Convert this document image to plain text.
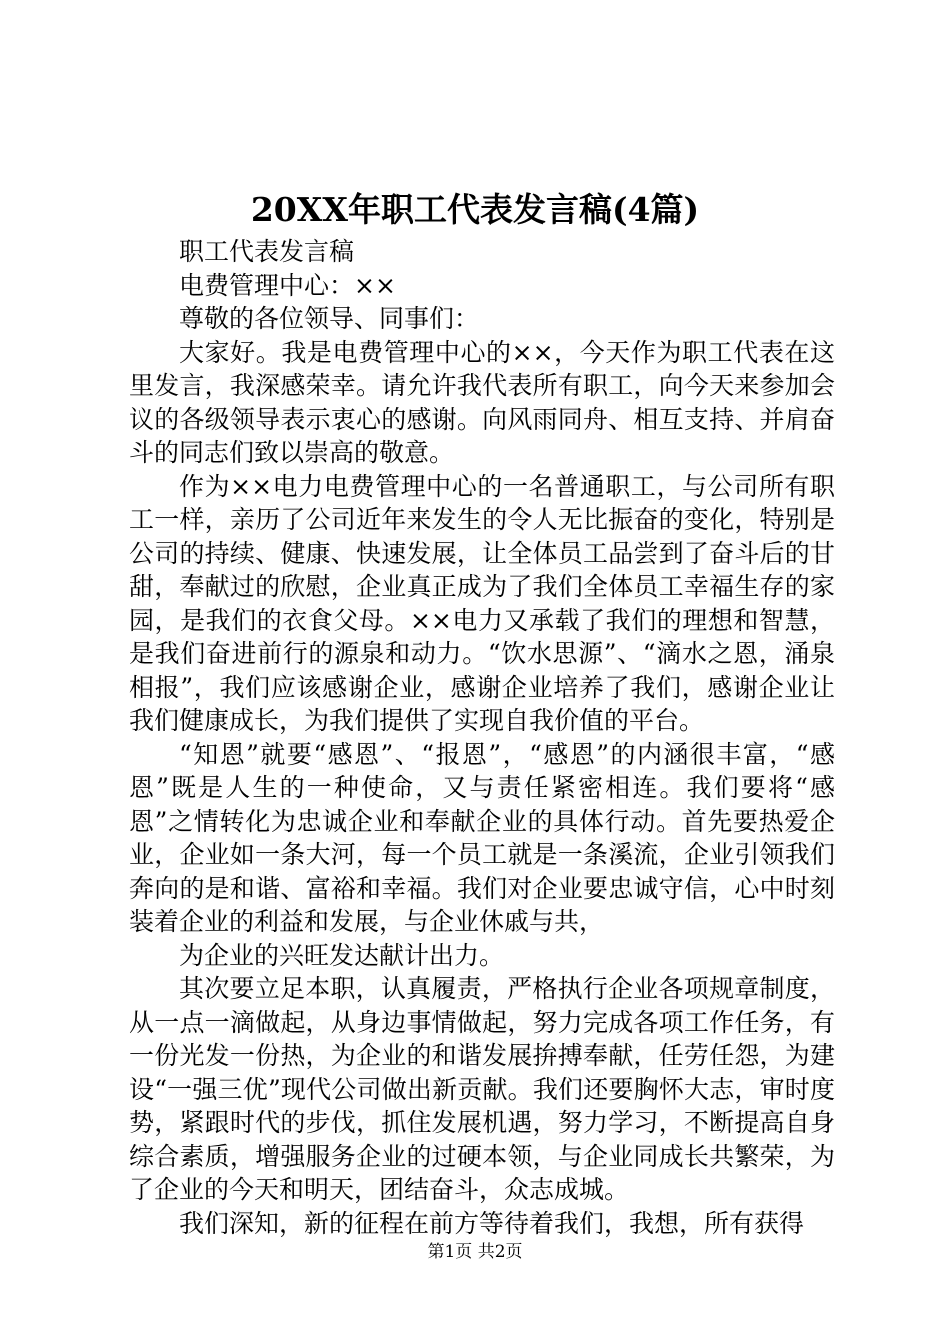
20XX年职工代表发言稿(4篇)

职工代表发言稿

电费管理中心：××

尊敬的各位领导、同事们：

大家好。我是电费管理中心的××，今天作为职工代表在这里发言，我深感荣幸。请允许我代表所有职工，向今天来参加会议的各级领导表示衷心的感谢。向风雨同舟、相互支持、并肩奋斗的同志们致以崇高的敬意。

作为××电力电费管理中心的一名普通职工，与公司所有职工一样，亲历了公司近年来发生的令人无比振奋的变化，特别是公司的持续、健康、快速发展，让全体员工品尝到了奋斗后的甘甜，奉献过的欣慰，企业真正成为了我们全体员工幸福生存的家园，是我们的衣食父母。××电力又承载了我们的理想和智慧，是我们奋进前行的源泉和动力。“饮水思源”、“滴水之恩，涌泉相报”，我们应该感谢企业，感谢企业培养了我们，感谢企业让我们健康成长，为我们提供了实现自我价值的平台。

“知恩”就要“感恩”、“报恩”，“感恩”的内涵很丰富，“感恩”既是人生的一种使命，又与责任紧密相连。我们要将“感恩”之情转化为忠诚企业和奉献企业的具体行动。首先要热爱企业，企业如一条大河，每一个员工就是一条溪流，企业引领我们奔向的是和谐、富裕和幸福。我们对企业要忠诚守信，心中时刻装着企业的利益和发展，与企业休戚与共，

为企业的兴旺发达献计出力。

其次要立足本职，认真履责，严格执行企业各项规章制度，从一点一滴做起，从身边事情做起，努力完成各项工作任务，有一份光发一份热，为企业的和谐发展拚搏奉献，任劳任怨，为建设“一强三优”现代公司做出新贡献。我们还要胸怀大志，审时度势，紧跟时代的步伐，抓住发展机遇，努力学习，不断提高自身综合素质，增强服务企业的过硬本领，与企业同成长共繁荣，为了企业的今天和明天，团结奋斗，众志成城。

我们深知，新的征程在前方等待着我们，我想，所有获得

第1页 共2页
